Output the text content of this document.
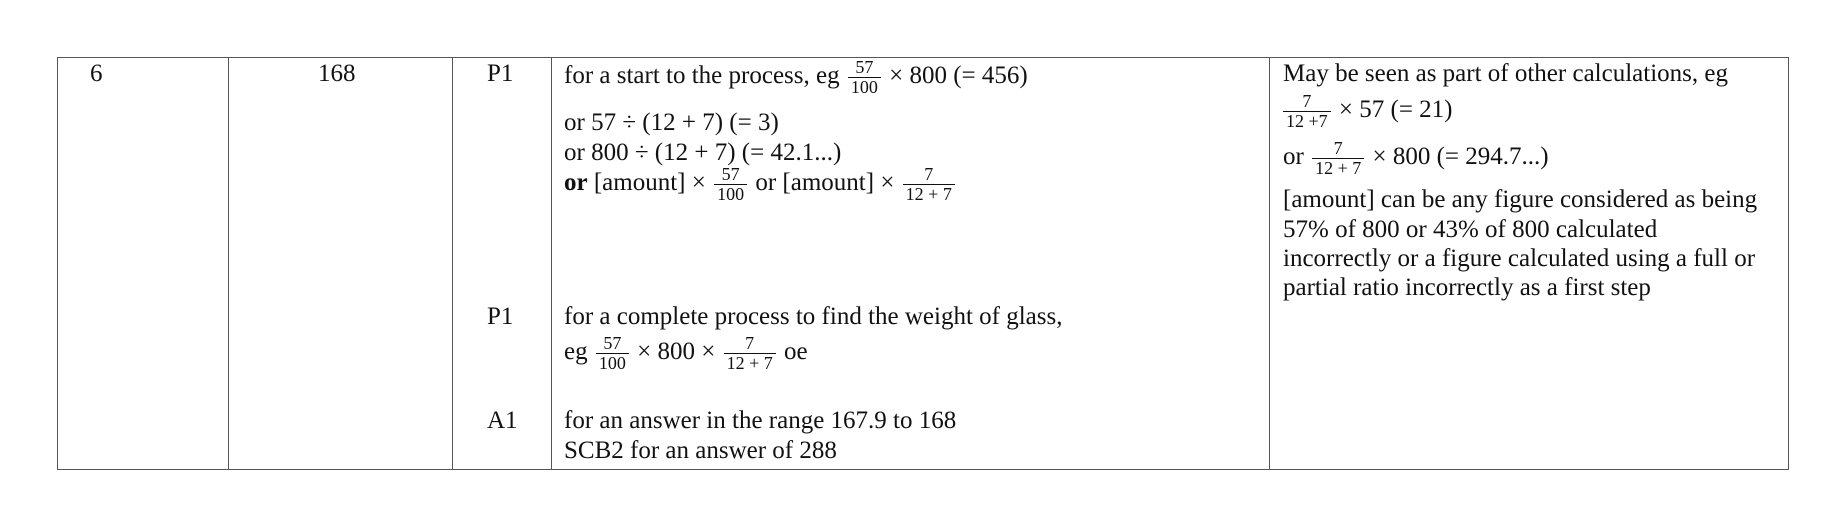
6	168	P1
P1
A1
for a start to the process, eg $\frac{57}{100} \times 800$ (= 456)
or 57 ÷ (12 + 7) (= 3)
or 800 ÷ (12 + 7) (= 42.1...)
or [amount] × $\frac{57}{100}$ or [amount] × $\frac{7}{12 + 7}$
for a complete process to find the weight of glass,
eg $\frac{57}{100} \times 800 \times \frac{7}{12 + 7}$ oe
for an answer in the range 167.9 to 168
SCB2 for an answer of 288
May be seen as part of other calculations, eg
$\frac{7}{12 +7} \times 57$ (= 21)
or $\frac{7}{12 + 7} \times 800$ (= 294.7...)
[amount] can be any figure considered as being
57% of 800 or 43% of 800 calculated
incorrectly or a figure calculated using a full or
partial ratio incorrectly as a first step
